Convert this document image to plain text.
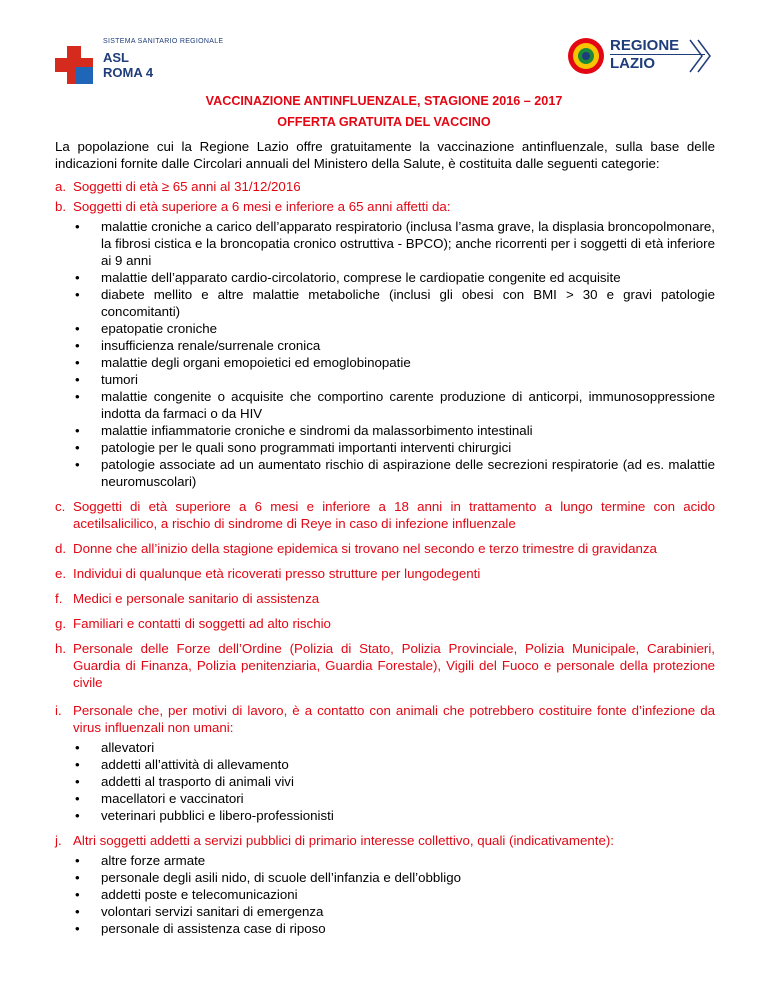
SISTEMA SANITARIO REGIONALE
ASL
ROMA 4
REGIONE
LAZIO
VACCINAZIONE ANTINFLUENZALE, STAGIONE 2016 – 2017
OFFERTA GRATUITA DEL VACCINO

La popolazione cui la Regione Lazio offre gratuitamente la vaccinazione antinfluenzale, sulla base delle indicazioni fornite dalle Circolari annuali del Ministero della Salute, è costituita dalle seguenti categorie:

a. Soggetti di età ≥ 65 anni al 31/12/2016
b. Soggetti di età superiore a 6 mesi e inferiore a 65 anni affetti da:
•	malattie croniche a carico dell’apparato respiratorio (inclusa l’asma grave, la displasia broncopolmonare, la fibrosi cistica e la broncopatia cronico ostruttiva - BPCO); anche ricorrenti per i soggetti di età inferiore ai 9 anni
•	malattie dell’apparato cardio-circolatorio, comprese le cardiopatie congenite ed acquisite
•	diabete mellito e altre malattie metaboliche (inclusi gli obesi con BMI > 30 e gravi patologie concomitanti)
•	epatopatie croniche
•	insufficienza renale/surrenale cronica
•	malattie degli organi emopoietici ed emoglobinopatie
•	tumori
•	malattie congenite o acquisite che comportino carente produzione di anticorpi, immunosoppressione indotta da farmaci o da HIV
•	malattie infiammatorie croniche e sindromi da malassorbimento intestinali
•	patologie per le quali sono programmati importanti interventi chirurgici
•	patologie associate ad un aumentato rischio di aspirazione delle secrezioni respiratorie (ad es. malattie neuromuscolari)
c. Soggetti di età superiore a 6 mesi e inferiore a 18 anni in trattamento a lungo termine con acido acetilsalicilico, a rischio di sindrome di Reye in caso di infezione influenzale
d. Donne che all’inizio della stagione epidemica si trovano nel secondo e terzo trimestre di gravidanza
e. Individui di qualunque età ricoverati presso strutture per lungodegenti
f. Medici e personale sanitario di assistenza
g. Familiari e contatti di soggetti ad alto rischio
h. Personale delle Forze dell’Ordine (Polizia di Stato, Polizia Provinciale, Polizia Municipale, Carabinieri, Guardia di Finanza, Polizia penitenziaria, Guardia Forestale), Vigili del Fuoco e personale della protezione civile
i. Personale che, per motivi di lavoro, è a contatto con animali che potrebbero costituire fonte d’infezione da virus influenzali non umani:
•	allevatori
•	addetti all’attività di allevamento
•	addetti al trasporto di animali vivi
•	macellatori e vaccinatori
•	veterinari pubblici e libero-professionisti
j. Altri soggetti addetti a servizi pubblici di primario interesse collettivo, quali (indicativamente):
•	altre forze armate
•	personale degli asili nido, di scuole dell’infanzia e dell’obbligo
•	addetti poste e telecomunicazioni
•	volontari servizi sanitari di emergenza
•	personale di assistenza case di riposo
